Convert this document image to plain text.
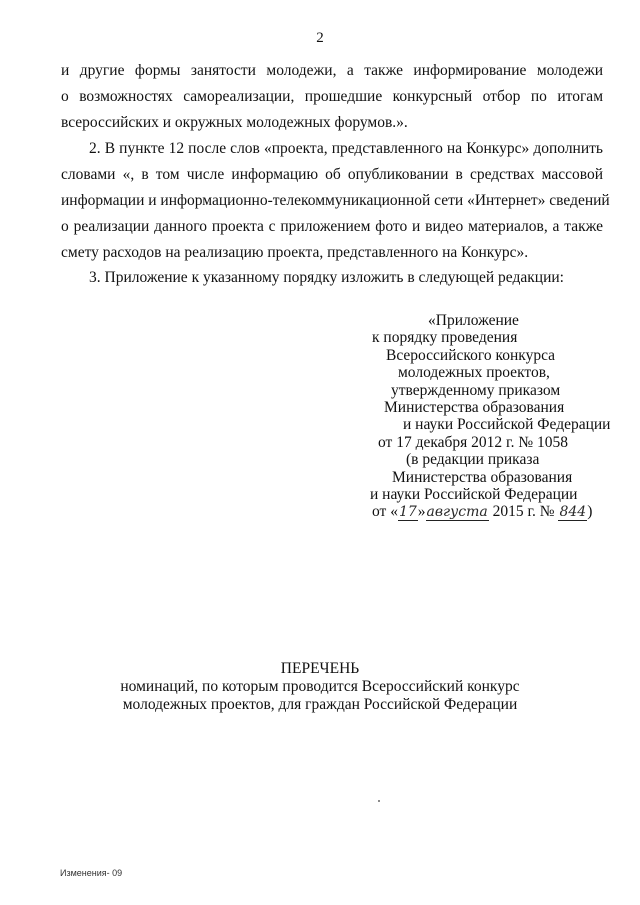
2
и другие формы занятости молодежи, а также информирование молодежи
о возможностях самореализации, прошедшие конкурсный отбор по итогам
всероссийских и окружных молодежных форумов.».
2. В пункте 12 после слов «проекта, представленного на Конкурс» дополнить
словами «, в том числе информацию об опубликовании в средствах массовой
информации и информационно-телекоммуникационной сети «Интернет» сведений
о реализации данного проекта с приложением фото и видео материалов, а также
смету расходов на реализацию проекта, представленного на Конкурс».
3. Приложение к указанному порядку изложить в следующей редакции:
«Приложение
к порядку проведения
Всероссийского конкурса
молодежных проектов,
утвержденному приказом
Министерства образования
и науки Российской Федерации
от 17 декабря 2012 г. № 1058
(в редакции приказа
Министерства образования
и науки Российской Федерации
от «17»августа 2015 г. № 844)
ПЕРЕЧЕНЬ
номинаций, по которым проводится Всероссийский конкурс
молодежных проектов, для граждан Российской Федерации
Изменения- 09
